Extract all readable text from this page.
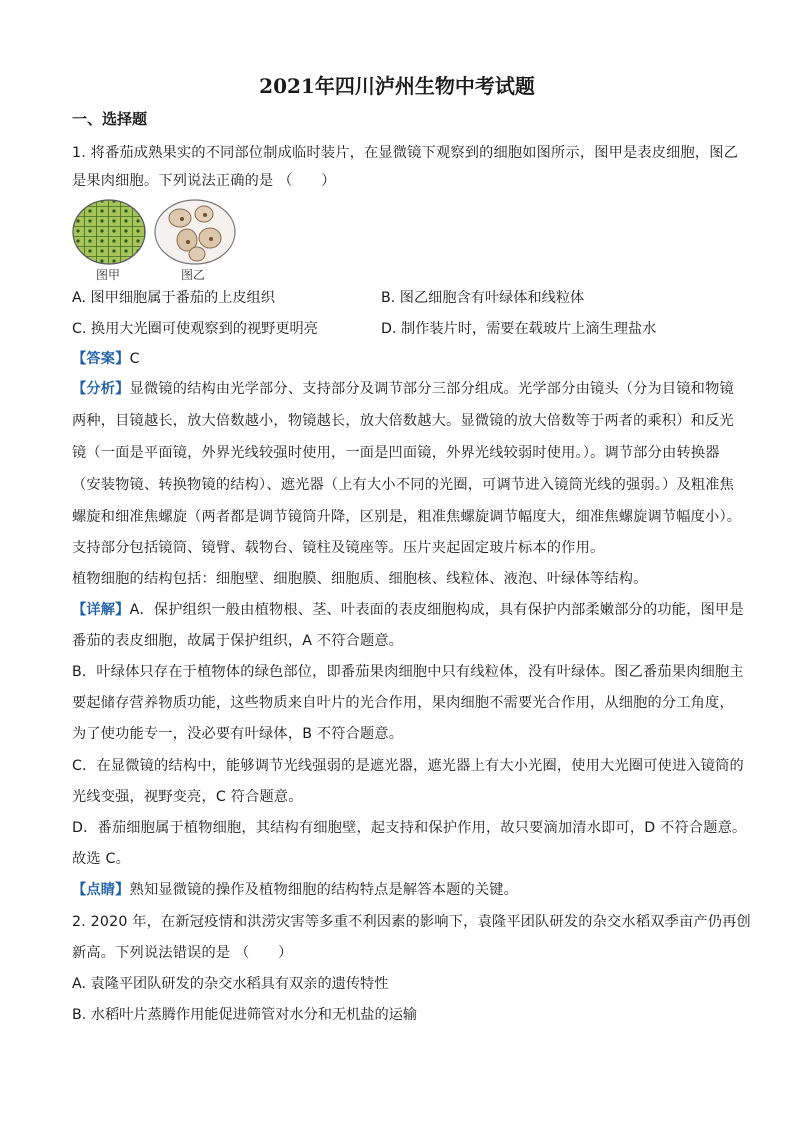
2021年四川泸州生物中考试题
一、选择题
1. 将番茄成熟果实的不同部位制成临时装片，在显微镜下观察到的细胞如图所示，图甲是表皮细胞，图乙
是果肉细胞。下列说法正确的是 （　　）
图甲	图乙
A. 图甲细胞属于番茄的上皮组织	B. 图乙细胞含有叶绿体和线粒体
C. 换用大光圈可使观察到的视野更明亮	D. 制作装片时，需要在载玻片上滴生理盐水
【答案】C
【分析】显微镜的结构由光学部分、支持部分及调节部分三部分组成。光学部分由镜头（分为目镜和物镜
两种，目镜越长，放大倍数越小，物镜越长，放大倍数越大。显微镜的放大倍数等于两者的乘积）和反光
镜（一面是平面镜，外界光线较强时使用，一面是凹面镜，外界光线较弱时使用。）。调节部分由转换器
（安装物镜、转换物镜的结构）、遮光器（上有大小不同的光圈，可调节进入镜筒光线的强弱。）及粗准焦
螺旋和细准焦螺旋（两者都是调节镜筒升降，区别是，粗准焦螺旋调节幅度大，细准焦螺旋调节幅度小）。
支持部分包括镜筒、镜臂、载物台、镜柱及镜座等。压片夹起固定玻片标本的作用。
植物细胞的结构包括：细胞壁、细胞膜、细胞质、细胞核、线粒体、液泡、叶绿体等结构。
【详解】A．保护组织一般由植物根、茎、叶表面的表皮细胞构成，具有保护内部柔嫩部分的功能，图甲是
番茄的表皮细胞，故属于保护组织，A 不符合题意。
B．叶绿体只存在于植物体的绿色部位，即番茄果肉细胞中只有线粒体，没有叶绿体。图乙番茄果肉细胞主
要起储存营养物质功能，这些物质来自叶片的光合作用，果肉细胞不需要光合作用，从细胞的分工角度，
为了使功能专一，没必要有叶绿体，B 不符合题意。
C．在显微镜的结构中，能够调节光线强弱的是遮光器，遮光器上有大小光圈，使用大光圈可使进入镜筒的
光线变强，视野变亮，C 符合题意。
D．番茄细胞属于植物细胞，其结构有细胞壁，起支持和保护作用，故只要滴加清水即可，D 不符合题意。
故选 C。
【点睛】熟知显微镜的操作及植物细胞的结构特点是解答本题的关键。
2. 2020 年，在新冠疫情和洪涝灾害等多重不利因素的影响下，袁隆平团队研发的杂交水稻双季亩产仍再创
新高。下列说法错误的是 （　　）
A. 袁隆平团队研发的杂交水稻具有双亲的遗传特性
B. 水稻叶片蒸腾作用能促进筛管对水分和无机盐的运输
